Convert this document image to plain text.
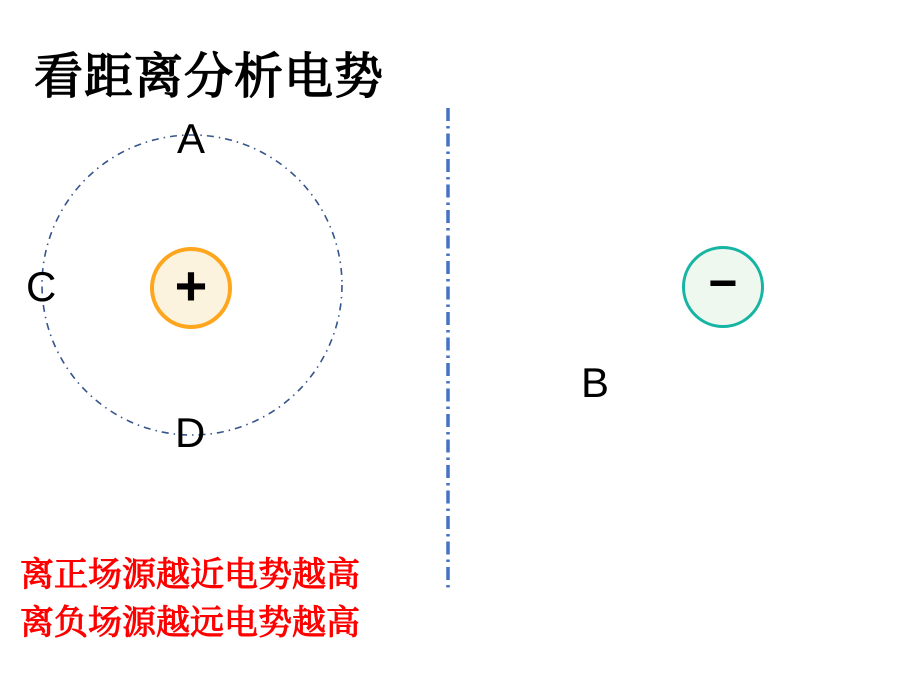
看距离分析电势
+	−
A
C
D
B
离正场源越近电势越高
离负场源越远电势越高
